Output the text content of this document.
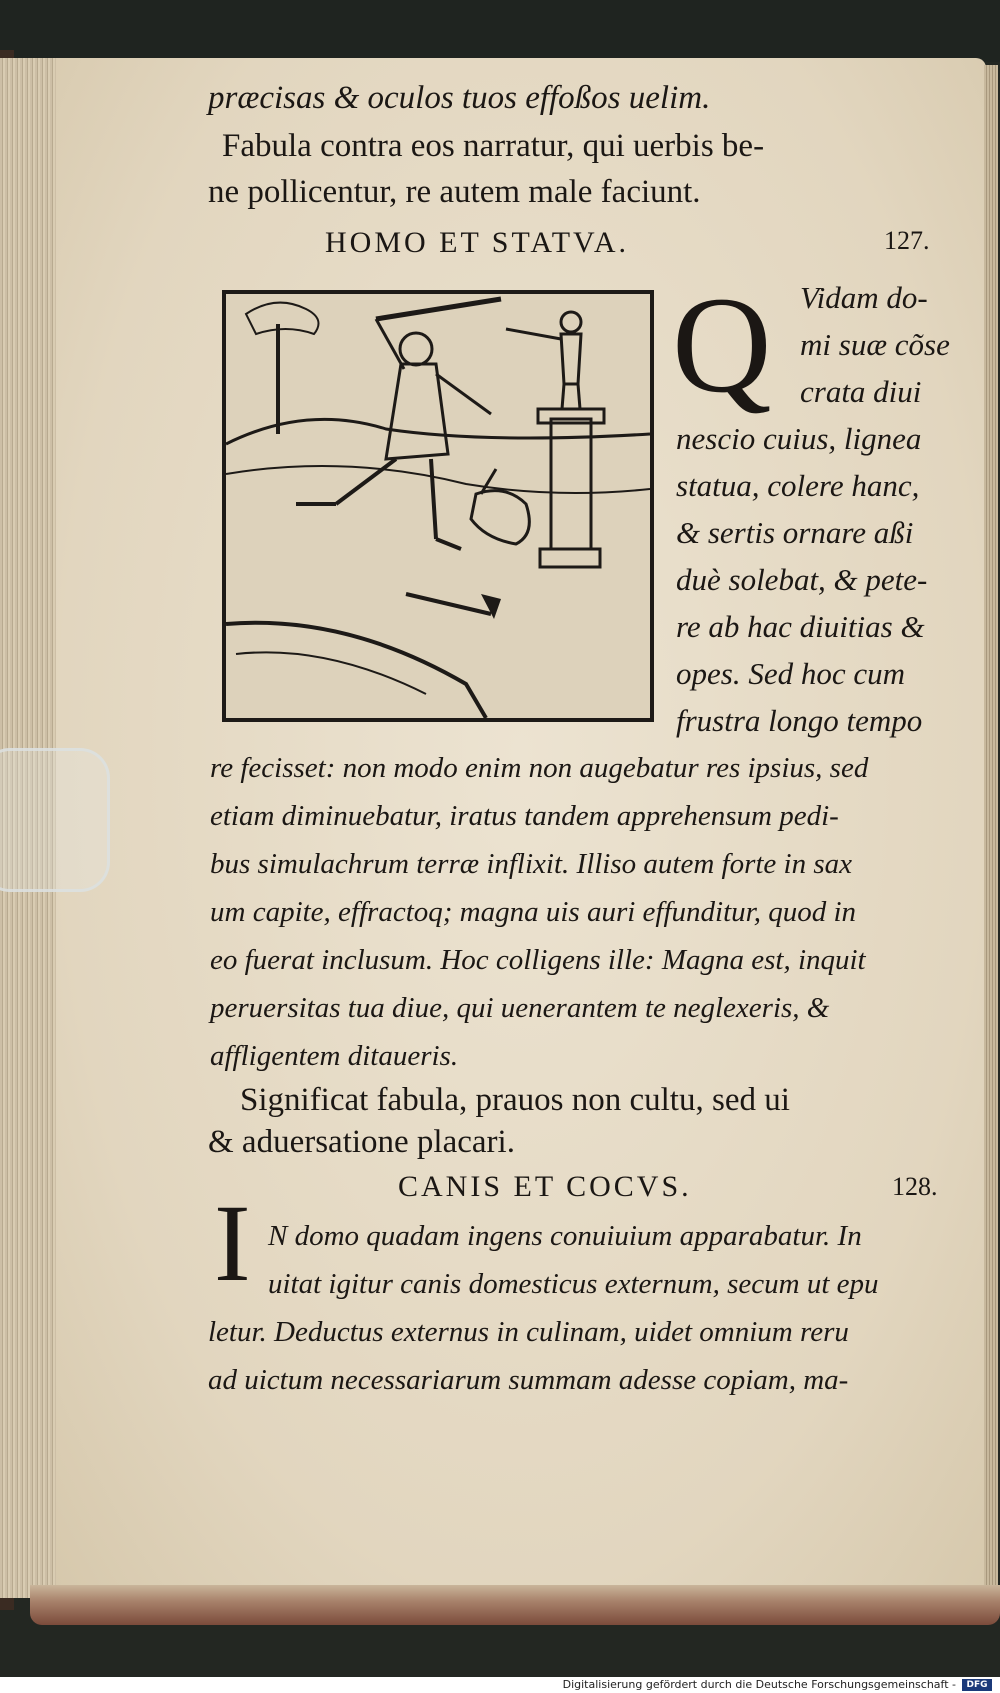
præcisas & oculos tuos effoßos uelim.
Fabula contra eos narratur, qui uerbis be-
ne pollicentur, re autem male faciunt.
HOMO ET STATVA.	127.
Q Vidam do-
mi suæ cõse
crata diui
nescio cuius, lignea
statua, colere hanc,
& sertis ornare aßi
duè solebat, & pete-
re ab hac diuitias &
opes. Sed hoc cum
frustra longo tempo
re fecisset: non modo enim non augebatur res ipsius, sed
etiam diminuebatur, iratus tandem apprehensum pedi-
bus simulachrum terræ inflixit. Illiso autem forte in sax
um capite, effractoq; magna uis auri effunditur, quod in
eo fuerat inclusum. Hoc colligens ille: Magna est, inquit
peruersitas tua diue, qui uenerantem te neglexeris, &
affligentem ditaueris.
Significat fabula, prauos non cultu, sed ui
& aduersatione placari.
CANIS ET COCVS.	128.
I N domo quadam ingens conuiuium apparabatur. In
uitat igitur canis domesticus externum, secum ut epu
letur. Deductus externus in culinam, uidet omnium reru
ad uictum necessariarum summam adesse copiam, ma-
Digitalisierung gefördert durch die Deutsche Forschungsgemeinschaft -	DFG
